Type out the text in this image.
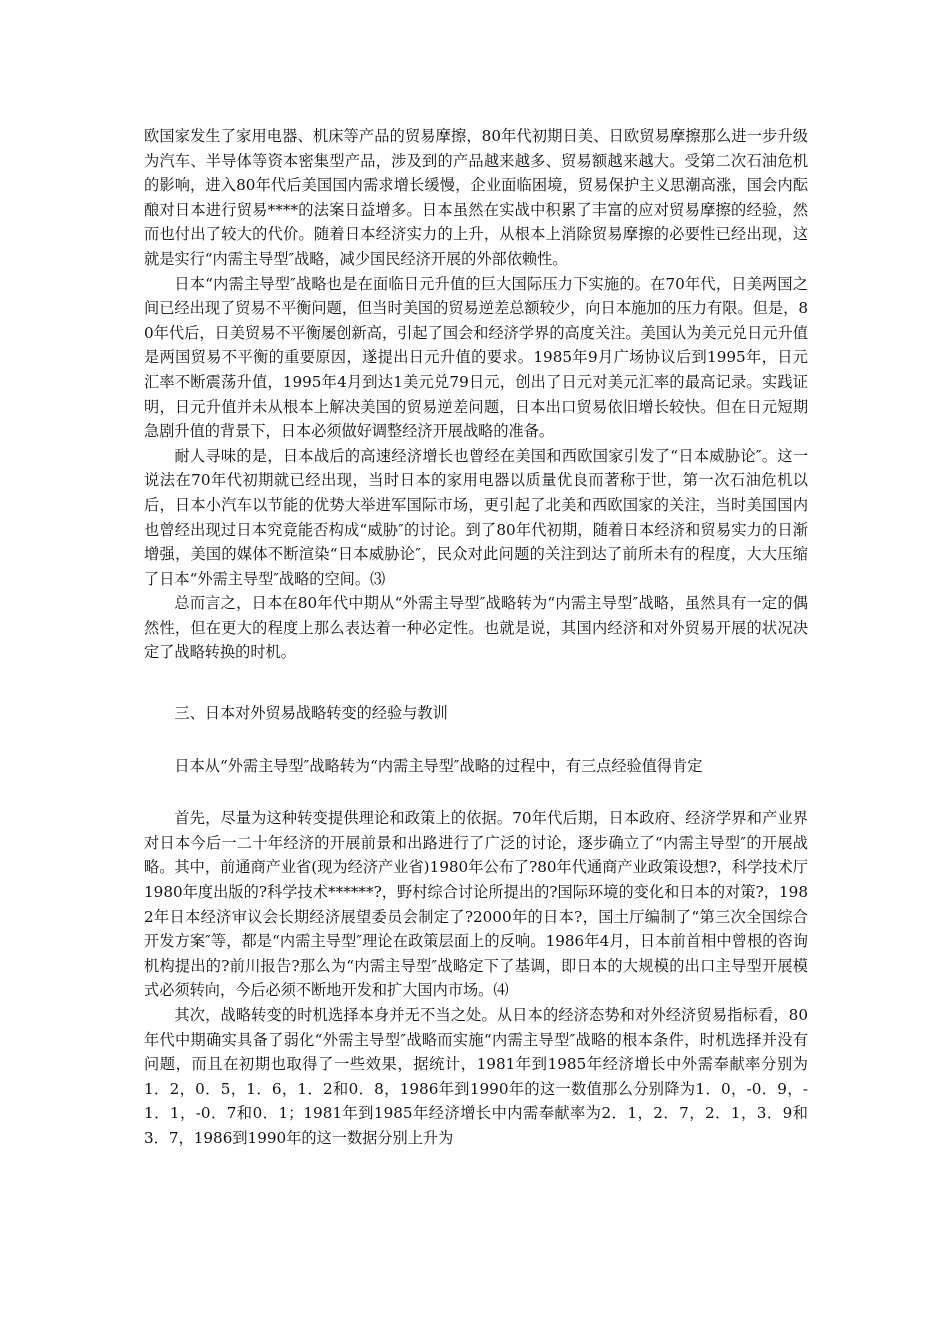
欧国家发生了家用电器、机床等产品的贸易摩擦，80年代初期日美、日欧贸易摩擦那么进一步升级为汽车、半导体等资本密集型产品，涉及到的产品越来越多、贸易额越来越大。受第二次石油危机的影响，进入80年代后美国国内需求增长缓慢，企业面临困境，贸易保护主义思潮高涨，国会内酝酿对日本进行贸易****的法案日益增多。日本虽然在实战中积累了丰富的应对贸易摩擦的经验，然而也付出了较大的代价。随着日本经济实力的上升，从根本上消除贸易摩擦的必要性已经出现，这就是实行“内需主导型″战略，减少国民经济开展的外部依赖性。

日本“内需主导型″战略也是在面临日元升值的巨大国际压力下实施的。在70年代，日美两国之间已经出现了贸易不平衡问题，但当时美国的贸易逆差总额较少，向日本施加的压力有限。但是，80年代后，日美贸易不平衡屡创新高，引起了国会和经济学界的高度关注。美国认为美元兑日元升值是两国贸易不平衡的重要原因，遂提出日元升值的要求。1985年9月广场协议后到1995年，日元汇率不断震荡升值，1995年4月到达1美元兑79日元，创出了日元对美元汇率的最高记录。实践证明，日元升值并未从根本上解决美国的贸易逆差问题，日本出口贸易依旧增长较快。但在日元短期急剧升值的背景下，日本必须做好调整经济开展战略的准备。

耐人寻味的是，日本战后的高速经济增长也曾经在美国和西欧国家引发了“日本威胁论″。这一说法在70年代初期就已经出现，当时日本的家用电器以质量优良而著称于世，第一次石油危机以后，日本小汽车以节能的优势大举进军国际市场，更引起了北美和西欧国家的关注，当时美国国内也曾经出现过日本究竟能否构成“威胁″的讨论。到了80年代初期，随着日本经济和贸易实力的日渐增强，美国的媒体不断渲染“日本威胁论″，民众对此问题的关注到达了前所未有的程度，大大压缩了日本“外需主导型″战略的空间。⑶

总而言之，日本在80年代中期从“外需主导型″战略转为“内需主导型″战略，虽然具有一定的偶然性，但在更大的程度上那么表达着一种必定性。也就是说，其国内经济和对外贸易开展的状况决定了战略转换的时机。

三、日本对外贸易战略转变的经验与教训

日本从“外需主导型″战略转为“内需主导型″战略的过程中，有三点经验值得肯定

首先，尽量为这种转变提供理论和政策上的依据。70年代后期，日本政府、经济学界和产业界对日本今后一二十年经济的开展前景和出路进行了广泛的讨论，逐步确立了“内需主导型″的开展战略。其中，前通商产业省(现为经济产业省)1980年公布了?80年代通商产业政策设想?，科学技术厅1980年度出版的?科学技术******?，野村综合讨论所提出的?国际环境的变化和日本的对策?，1982年日本经济审议会长期经济展望委员会制定了?2000年的日本?，国土厅编制了“第三次全国综合开发方案″等，都是“内需主导型″理论在政策层面上的反响。1986年4月，日本前首相中曾根的咨询机构提出的?前川报告?那么为“内需主导型″战略定下了基调，即日本的大规模的出口主导型开展模式必须转向，今后必须不断地开发和扩大国内市场。⑷

其次，战略转变的时机选择本身并无不当之处。从日本的经济态势和对外经济贸易指标看，80年代中期确实具备了弱化“外需主导型″战略而实施“内需主导型″战略的根本条件，时机选择并没有问题，而且在初期也取得了一些效果，据统计，1981年到1985年经济增长中外需奉献率分别为1．2，0．5，1．6，1．2和0．8，1986年到1990年的这一数值那么分别降为1．0，-0．9，-1．1，-0．7和0．1；1981年到1985年经济增长中内需奉献率为2．1，2．7，2．1，3．9和3．7，1986到1990年的这一数据分别上升为
